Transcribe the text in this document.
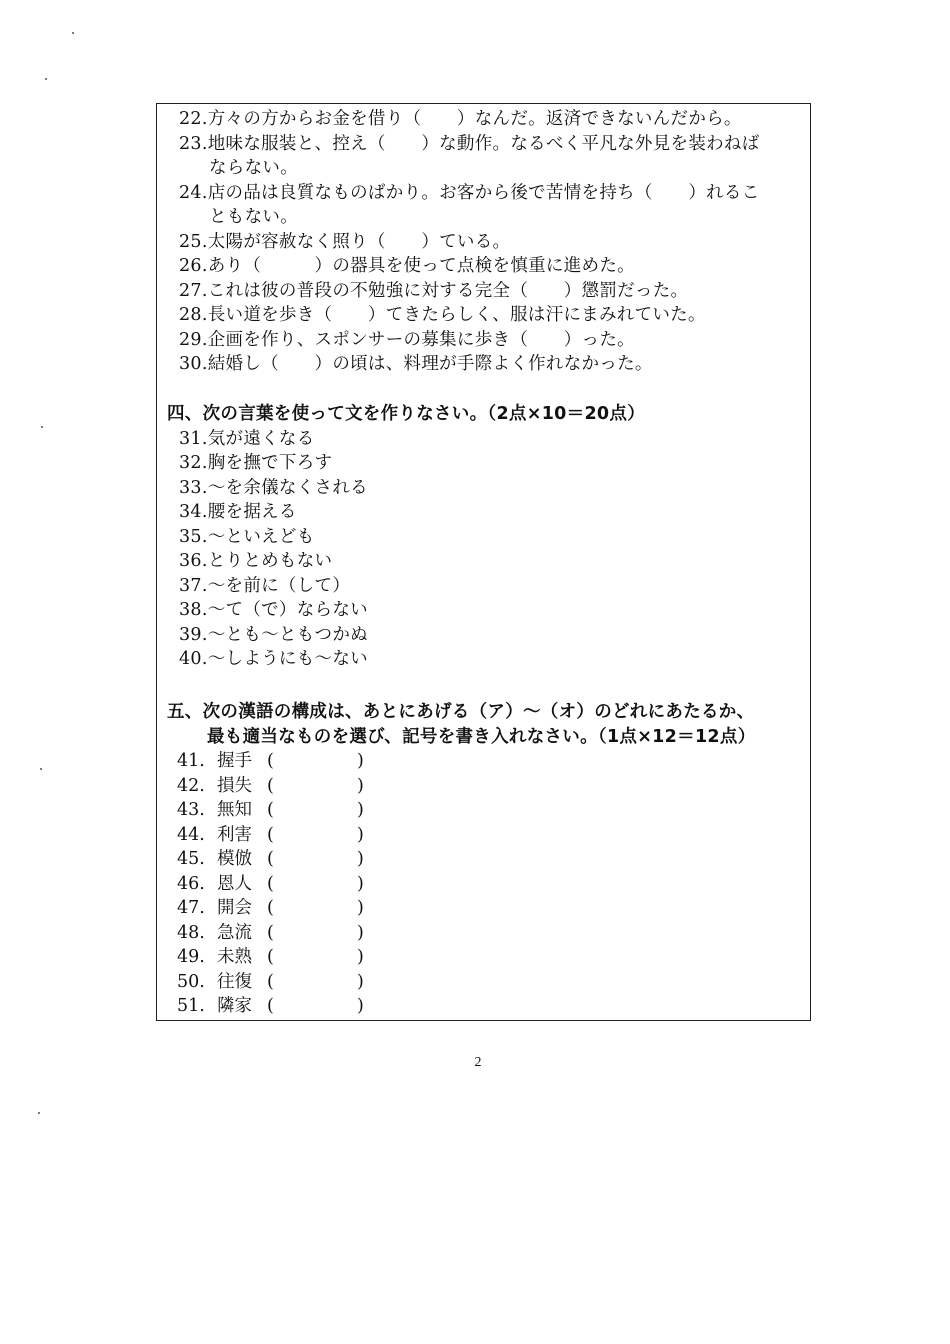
22.方々の方からお金を借り（　　）なんだ。返済できないんだから。
23.地味な服装と、控え（　　）な動作。なるべく平凡な外見を装わねば
ならない。
24.店の品は良質なものばかり。お客から後で苦情を持ち（　　）れるこ
ともない。
25.太陽が容赦なく照り（　　）ている。
26.あり（　　　）の器具を使って点検を慎重に進めた。
27.これは彼の普段の不勉強に対する完全（　　）懲罰だった。
28.長い道を歩き（　　）てきたらしく、服は汗にまみれていた。
29.企画を作り、スポンサーの募集に歩き（　　）った。
30.結婚し（　　）の頃は、料理が手際よく作れなかった。
四、次の言葉を使って文を作りなさい。（2点×10＝20点）
31.気が遠くなる
32.胸を撫で下ろす
33.〜を余儀なくされる
34.腰を据える
35.〜といえども
36.とりとめもない
37.〜を前に（して）
38.〜て（で）ならない
39.〜とも〜ともつかぬ
40.〜しようにも〜ない
五、次の漢語の構成は、あとにあげる（ア）〜（オ）のどれにあたるか、
最も適当なものを選び、記号を書き入れなさい。（1点×12＝12点）
41. 握手 (	)
42. 損失 (	)
43. 無知 (	)
44. 利害 (	)
45. 模倣 (	)
46. 恩人 (	)
47. 開会 (	)
48. 急流 (	)
49. 未熟 (	)
50. 往復 (	)
51. 隣家 (	)
2
